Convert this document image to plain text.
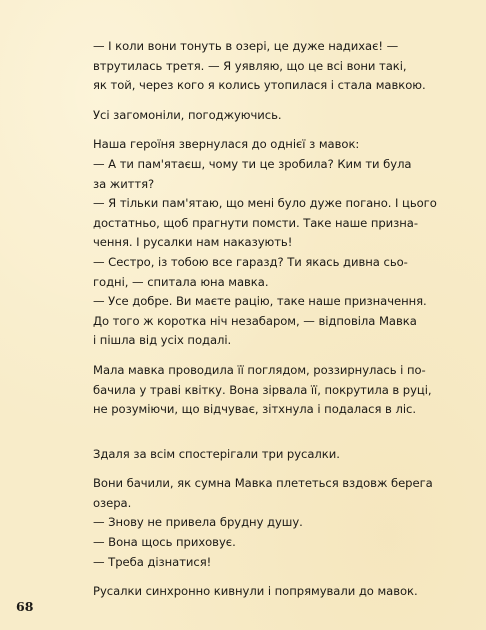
— І коли вони тонуть в озері, це дуже надихає! —
втрутилась третя. — Я уявляю, що це всі вони такі,
як той, через кого я колись утопилася і стала мавкою.

Усі загомоніли, погоджуючись.

Наша героїня звернулася до однієї з мавок:
— А ти пам'ятаєш, чому ти це зробила? Ким ти була
за життя?
— Я тільки пам'ятаю, що мені було дуже погано. І цього
достатньо, щоб прагнути помсти. Таке наше призна-
чення. І русалки нам наказують!
— Сестро, із тобою все гаразд? Ти якась дивна сьо-
годні, — спитала юна мавка.
— Усе добре. Ви маєте рацію, таке наше призначення.
До того ж коротка ніч незабаром, — відповіла Мавка
і пішла від усіх подалі.

Мала мавка проводила її поглядом, роззирнулась і по-
бачила у траві квітку. Вона зірвала її, покрутила в руці,
не розуміючи, що відчуває, зітхнула і подалася в ліс.

Здаля за всім спостерігали три русалки.

Вони бачили, як сумна Мавка плететься вздовж берега
озера.
— Знову не привела брудну душу.
— Вона щось приховує.
— Треба дізнатися!

Русалки синхронно кивнули і попрямували до мавок.

68
